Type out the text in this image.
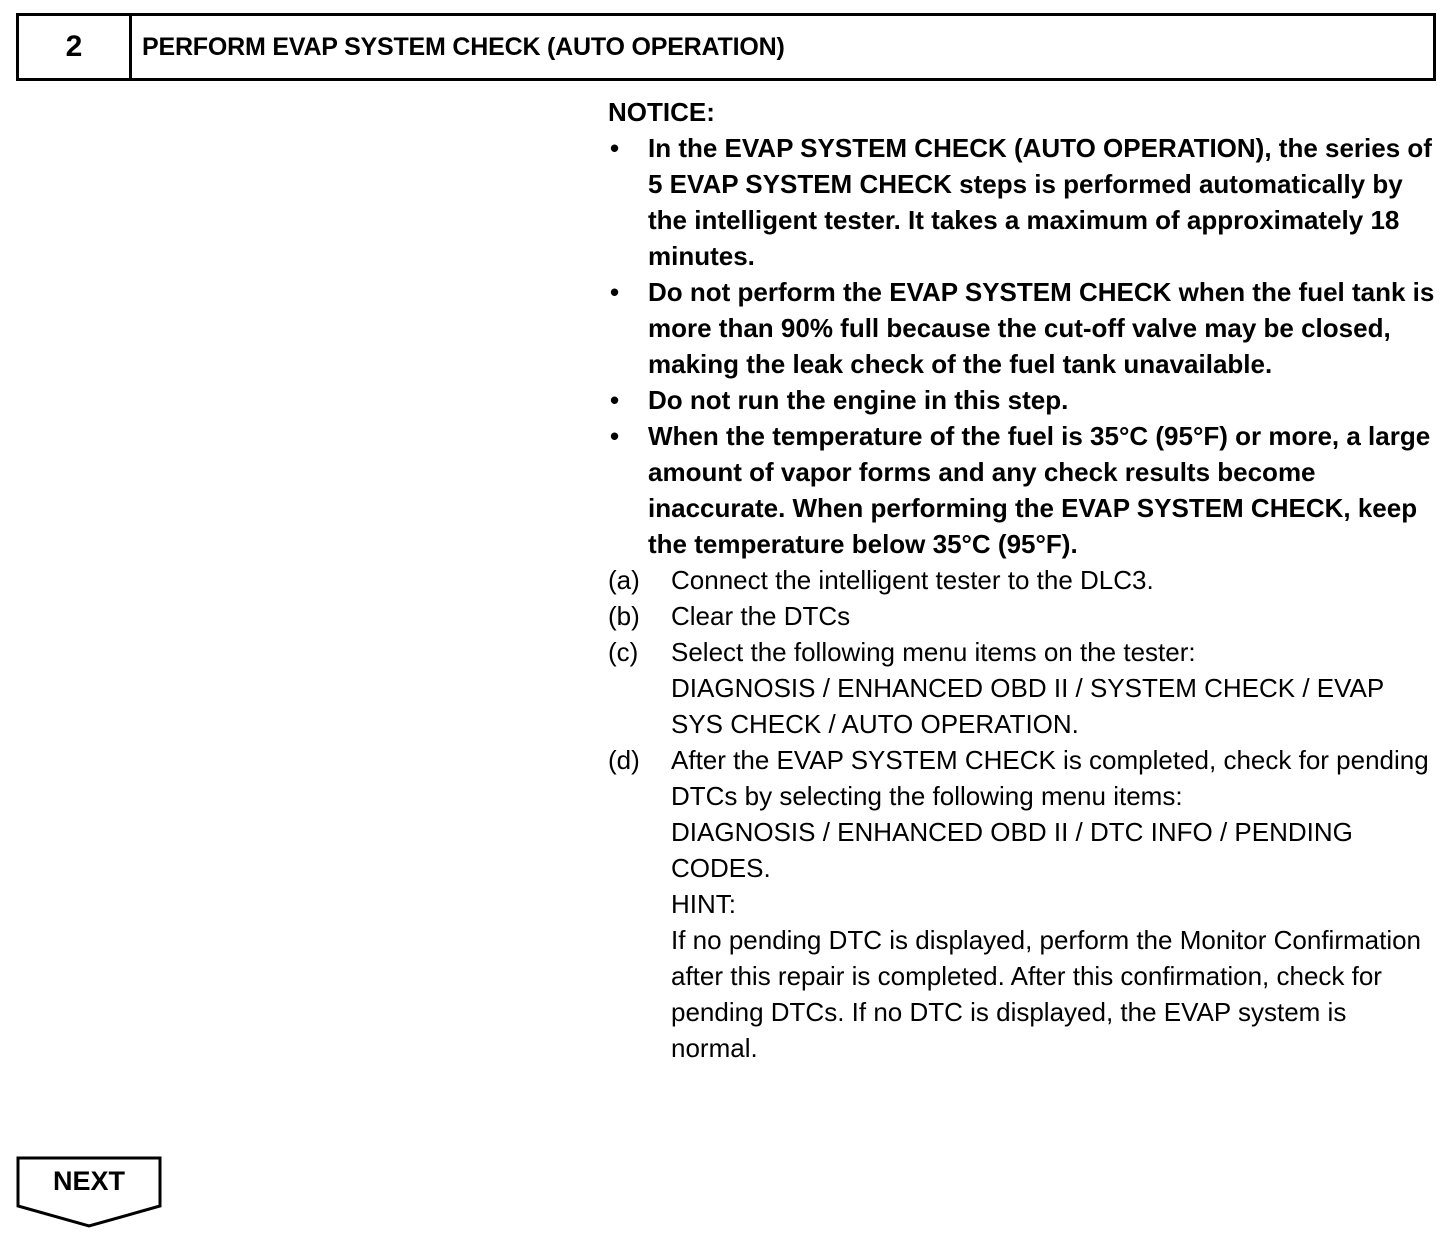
2	PERFORM EVAP SYSTEM CHECK (AUTO OPERATION)
NOTICE:
•	In the EVAP SYSTEM CHECK (AUTO OPERATION), the series of 5 EVAP SYSTEM CHECK steps is performed automatically by the intelligent tester. It takes a maximum of approximately 18 minutes.
•	Do not perform the EVAP SYSTEM CHECK when the fuel tank is more than 90% full because the cut-off valve may be closed, making the leak check of the fuel tank unavailable.
•	Do not run the engine in this step.
•	When the temperature of the fuel is 35°C (95°F) or more, a large amount of vapor forms and any check results become inaccurate. When performing the EVAP SYSTEM CHECK, keep the temperature below 35°C (95°F).
(a)	Connect the intelligent tester to the DLC3.
(b)	Clear the DTCs
(c)	Select the following menu items on the tester:
DIAGNOSIS / ENHANCED OBD II / SYSTEM CHECK / EVAP SYS CHECK / AUTO OPERATION.
(d)	After the EVAP SYSTEM CHECK is completed, check for pending DTCs by selecting the following menu items:
DIAGNOSIS / ENHANCED OBD II / DTC INFO / PENDING CODES.
HINT:
If no pending DTC is displayed, perform the Monitor Confirmation after this repair is completed. After this confirmation, check for pending DTCs. If no DTC is displayed, the EVAP system is normal.
NEXT
